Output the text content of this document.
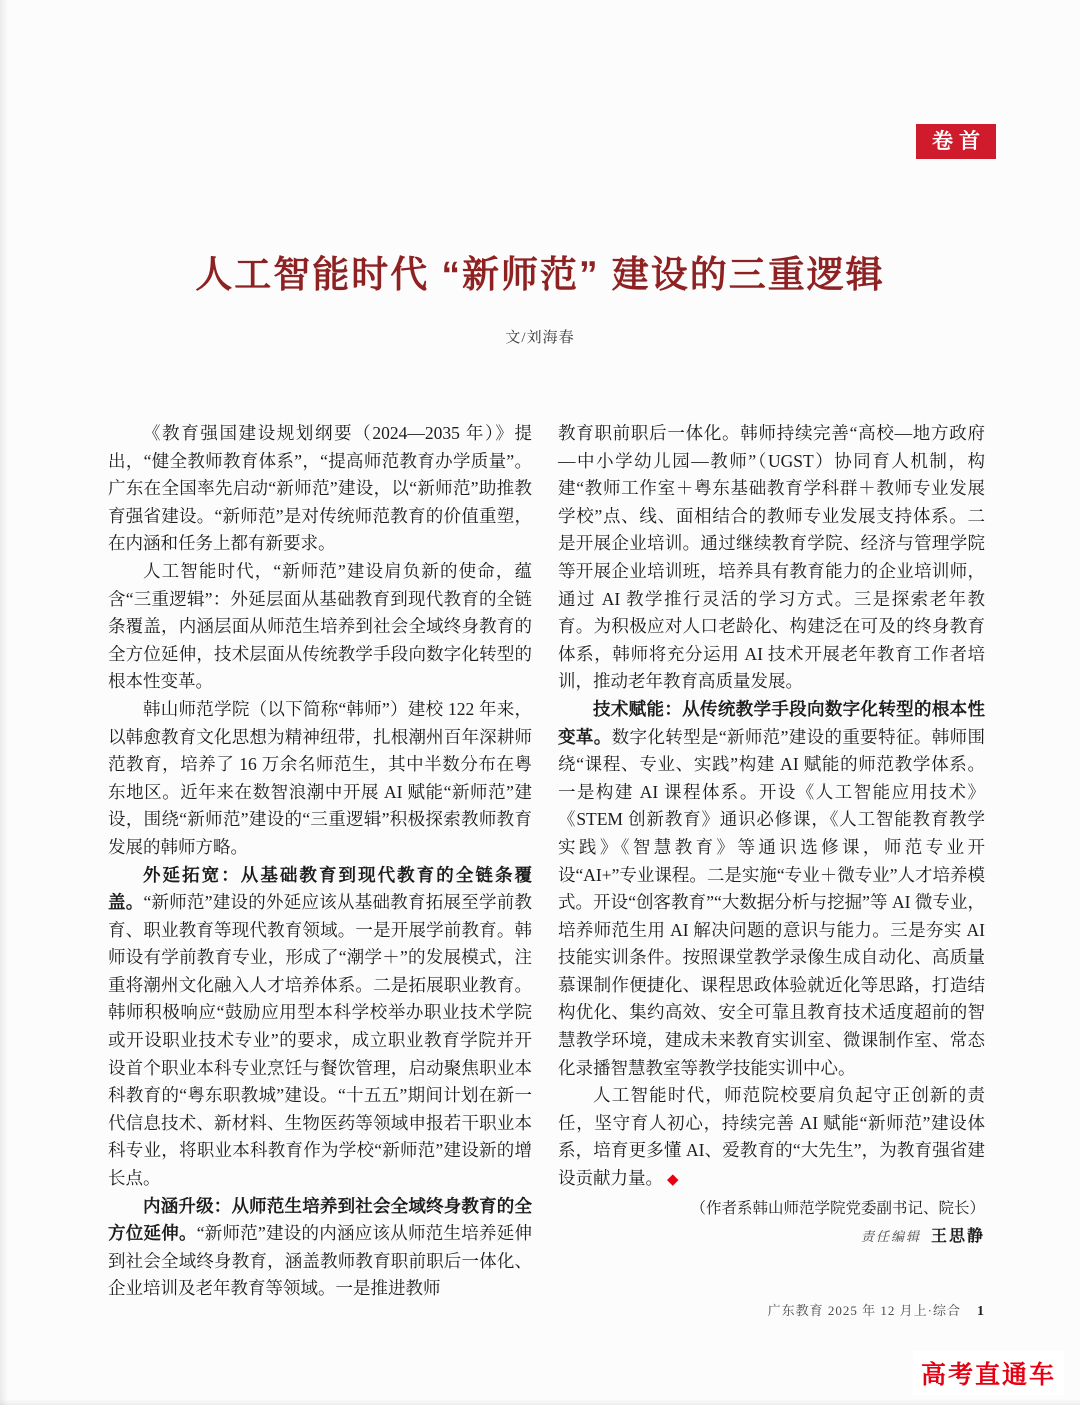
卷首
人工智能时代 “新师范” 建设的三重逻辑
文/刘海春

《教育强国建设规划纲要（2024—2035 年）》提出，“健全教师教育体系”，“提高师范教育办学质量”。广东在全国率先启动“新师范”建设，以“新师范”助推教育强省建设。“新师范”是对传统师范教育的价值重塑，在内涵和任务上都有新要求。

人工智能时代，“新师范”建设肩负新的使命，蕴含“三重逻辑”：外延层面从基础教育到现代教育的全链条覆盖，内涵层面从师范生培养到社会全域终身教育的全方位延伸，技术层面从传统教学手段向数字化转型的根本性变革。

韩山师范学院（以下简称“韩师”）建校 122 年来，以韩愈教育文化思想为精神纽带，扎根潮州百年深耕师范教育，培养了 16 万余名师范生，其中半数分布在粤东地区。近年来在数智浪潮中开展 AI 赋能“新师范”建设，围绕“新师范”建设的“三重逻辑”积极探索教师教育发展的韩师方略。

外延拓宽：从基础教育到现代教育的全链条覆盖。“新师范”建设的外延应该从基础教育拓展至学前教育、职业教育等现代教育领域。一是开展学前教育。韩师设有学前教育专业，形成了“潮学＋”的发展模式，注重将潮州文化融入人才培养体系。二是拓展职业教育。韩师积极响应“鼓励应用型本科学校举办职业技术学院或开设职业技术专业”的要求，成立职业教育学院并开设首个职业本科专业烹饪与餐饮管理，启动聚焦职业本科教育的“粤东职教城”建设。“十五五”期间计划在新一代信息技术、新材料、生物医药等领域申报若干职业本科专业，将职业本科教育作为学校“新师范”建设新的增长点。

内涵升级：从师范生培养到社会全域终身教育的全方位延伸。“新师范”建设的内涵应该从师范生培养延伸到社会全域终身教育，涵盖教师教育职前职后一体化、企业培训及老年教育等领域。一是推进教师

教育职前职后一体化。韩师持续完善“高校—地方政府—中小学幼儿园—教师”（UGST）协同育人机制，构建“教师工作室＋粤东基础教育学科群＋教师专业发展学校”点、线、面相结合的教师专业发展支持体系。二是开展企业培训。通过继续教育学院、经济与管理学院等开展企业培训班，培养具有教育能力的企业培训师，通过 AI 教学推行灵活的学习方式。三是探索老年教育。为积极应对人口老龄化、构建泛在可及的终身教育体系，韩师将充分运用 AI 技术开展老年教育工作者培训，推动老年教育高质量发展。

技术赋能：从传统教学手段向数字化转型的根本性变革。数字化转型是“新师范”建设的重要特征。韩师围绕“课程、专业、实践”构建 AI 赋能的师范教学体系。一是构建 AI 课程体系。开设《人工智能应用技术》《STEM 创新教育》通识必修课，《人工智能教育教学实践》《智慧教育》等通识选修课，师范专业开设“AI+”专业课程。二是实施“专业＋微专业”人才培养模式。开设“创客教育”“大数据分析与挖掘”等 AI 微专业，培养师范生用 AI 解决问题的意识与能力。三是夯实 AI 技能实训条件。按照课堂教学录像生成自动化、高质量慕课制作便捷化、课程思政体验就近化等思路，打造结构优化、集约高效、安全可靠且教育技术适度超前的智慧教学环境，建成未来教育实训室、微课制作室、常态化录播智慧教室等教学技能实训中心。

人工智能时代，师范院校要肩负起守正创新的责任，坚守育人初心，持续完善 AI 赋能“新师范”建设体系，培育更多懂 AI、爱教育的“大先生”，为教育强省建设贡献力量。 ◆

（作者系韩山师范学院党委副书记、院长）

责任编辑 王思静

广东教育 2025 年 12 月上·综合 1
高考直通车
